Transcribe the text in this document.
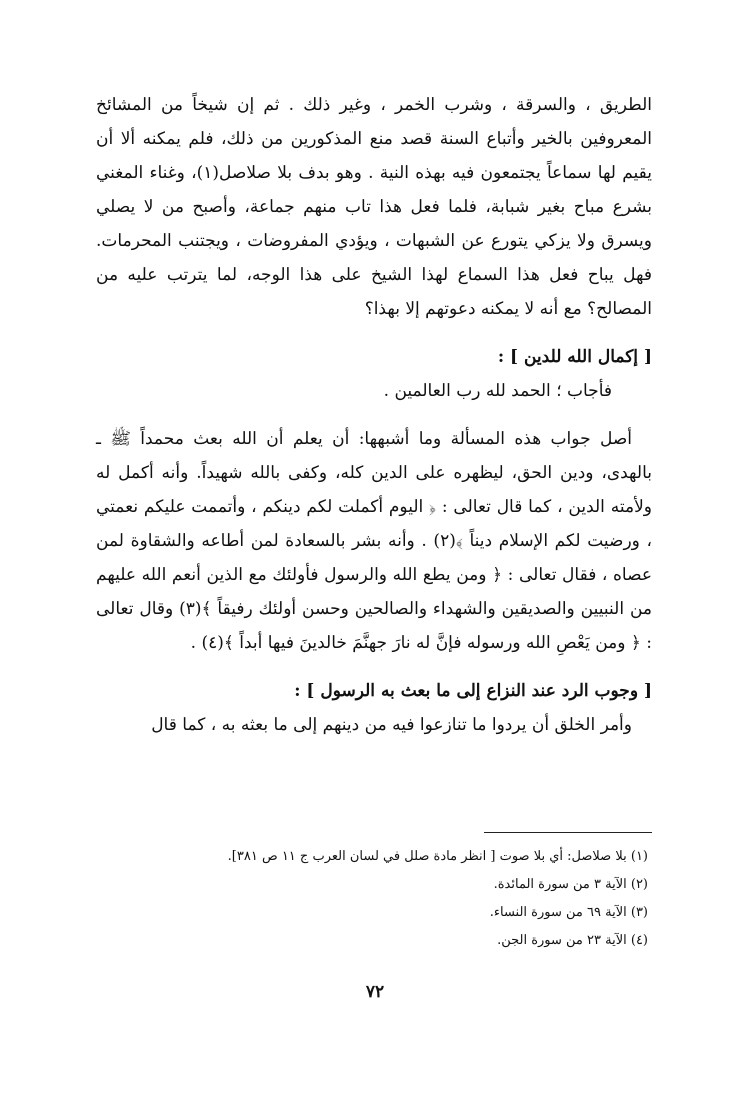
الطريق ، والسرقة ، وشرب الخمر ، وغير ذلك . ثم إن شيخاً من المشائخ المعروفين بالخير وأتباع السنة قصد منع المذكورين من ذلك، فلم يمكنه ألا أن يقيم لها سماعاً يجتمعون فيه بهذه النية . وهو بدف بلا صلاصل(١)، وغناء المغني بشرع مباح بغير شبابة، فلما فعل هذا تاب منهم جماعة، وأصبح من لا يصلي ويسرق ولا يزكي يتورع عن الشبهات ، ويؤدي المفروضات ، ويجتنب المحرمات. فهل يباح فعل هذا السماع لهذا الشيخ على هذا الوجه، لما يترتب عليه من المصالح؟ مع أنه لا يمكنه دعوتهم إلا بهذا؟

[ إكمال الله للدين ] :

فأجاب ؛ الحمد لله رب العالمين .

أصل جواب هذه المسألة وما أشبهها: أن يعلم أن الله بعث محمداً ﷺ ـ بالهدى، ودين الحق، ليظهره على الدين كله، وكفى بالله شهيداً. وأنه أكمل له ولأمته الدين ، كما قال تعالى : ﴿ اليوم أكملت لكم دينكم ، وأتممت عليكم نعمتي ، ورضيت لكم الإسلام ديناً ﴾(٢) . وأنه بشر بالسعادة لمن أطاعه والشقاوة لمن عصاه ، فقال تعالى : ﴿ ومن يطع الله والرسول فأولئك مع الذين أنعم الله عليهم من النبيين والصديقين والشهداء والصالحين وحسن أولئك رفيقاً ﴾(٣) وقال تعالى : ﴿ ومن يَعْصِ الله ورسوله فإنَّ له نارَ جهنَّمَ خالدينَ فيها أبداً ﴾(٤) .

[ وجوب الرد عند النزاع إلى ما بعث به الرسول ] :

وأمر الخلق أن يردوا ما تنازعوا فيه من دينهم إلى ما بعثه به ، كما قال

(١) بلا صلاصل: أي بلا صوت [ انظر مادة صلل في لسان العرب ج ١١ ص ٣٨١].

(٢) الآية ٣ من سورة المائدة.

(٣) الآية ٦٩ من سورة النساء.

(٤) الآية ٢٣ من سورة الجن.

٧٢
